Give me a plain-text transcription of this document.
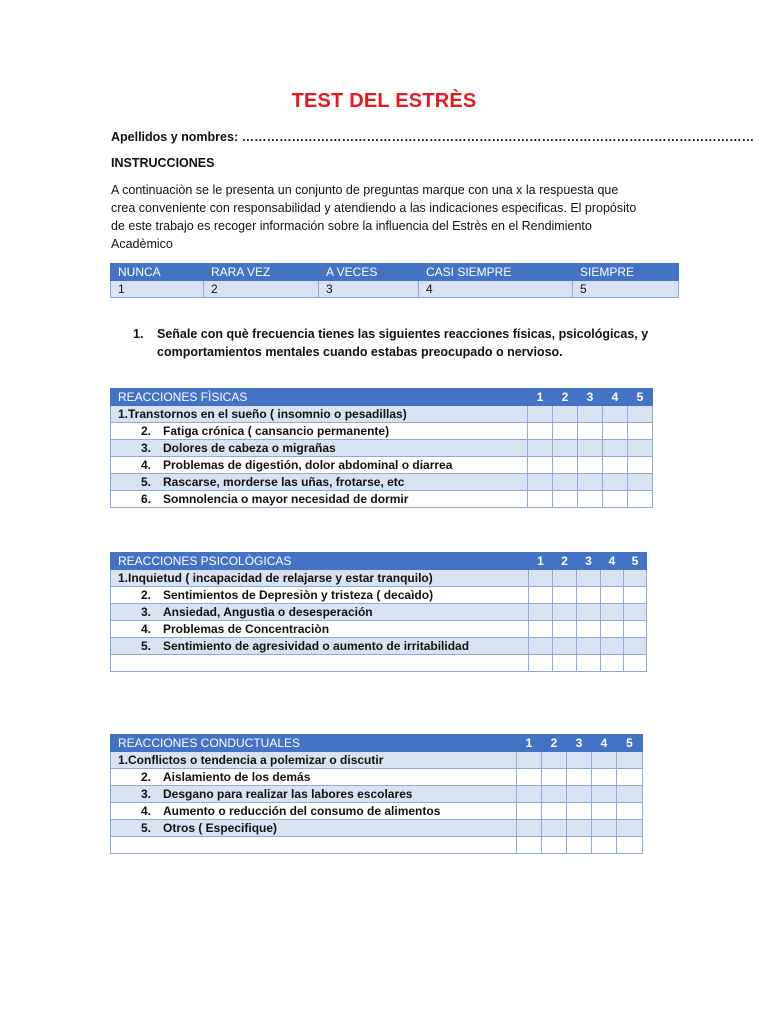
TEST DEL ESTRÈS
Apellidos y nombres: ……………………………………………………………………………………………………………
INSTRUCCIONES
A continuaciòn se le presenta un conjunto de preguntas marque con una x la respuesta que
crea conveniente con responsabilidad y atendiendo a las indicaciones especificas. El propósito
de este trabajo es recoger información sobre la influencia del Estrès en el Rendimiento
Acadèmico
NUNCA	RARA VEZ	A VECES	CASI SIEMPRE	SIEMPRE
1	2	3	4	5
1. Señale con què frecuencia tienes las siguientes reacciones físicas, psicológicas, y
comportamientos mentales cuando estabas preocupado o nervioso.
REACCIONES FÌSICAS	1	2	3	4	5
1.Transtornos en el sueño ( insomnio o pesadillas)					
2. Fatiga crónica ( cansancio permanente)					
3. Dolores de cabeza o migrañas					
4. Problemas de digestión, dolor abdominal o diarrea					
5. Rascarse, morderse las uñas, frotarse, etc					
6. Somnolencia o mayor necesidad de dormir					
REACCIONES PSICOLÒGICAS	1	2	3	4	5
1.Inquietud ( incapacidad de relajarse y estar tranquilo)					
2. Sentimientos de Depresiòn y tristeza ( decaìdo)					
3. Ansiedad, Angustìa o desesperación					
4. Problemas de Concentraciòn					
5. Sentimiento de agresividad o aumento de irritabilidad					

REACCIONES CONDUCTUALES	1	2	3	4	5
1.Conflictos o tendencia a polemizar o discutir					
2. Aislamiento de los demás					
3. Desgano para realizar las labores escolares					
4. Aumento o reducción del consumo de alimentos					
5. Otros ( Especifique)					
